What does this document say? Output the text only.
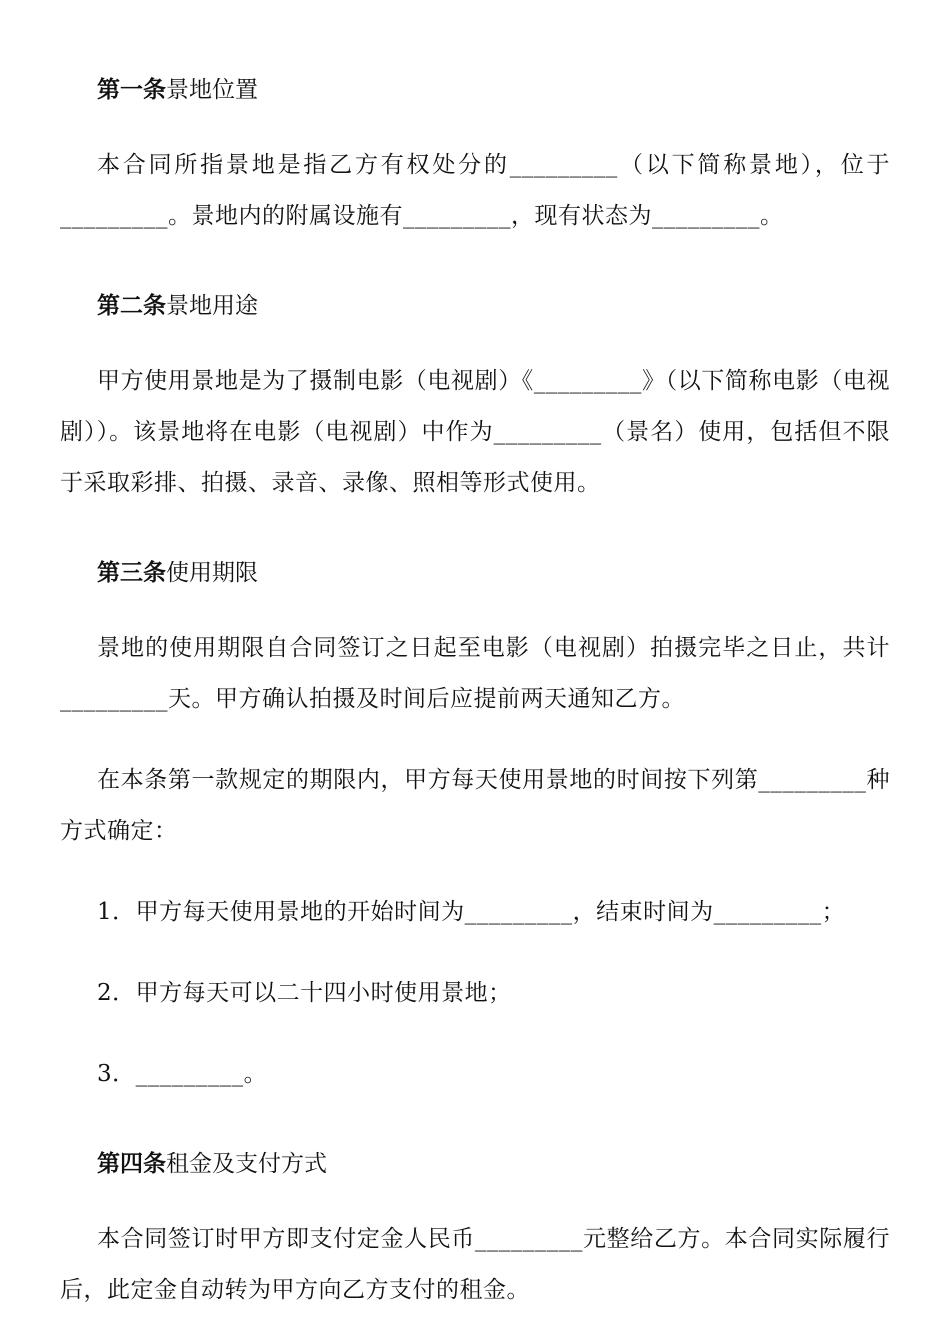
第一条景地位置

本合同所指景地是指乙方有权处分的_________（以下简称景地），位于_________。景地内的附属设施有_________，现有状态为_________。

第二条景地用途

甲方使用景地是为了摄制电影（电视剧）《_________》（以下简称电影（电视剧））。该景地将在电影（电视剧）中作为_________（景名）使用，包括但不限于采取彩排、拍摄、录音、录像、照相等形式使用。

第三条使用期限

景地的使用期限自合同签订之日起至电影（电视剧）拍摄完毕之日止，共计_________天。甲方确认拍摄及时间后应提前两天通知乙方。

在本条第一款规定的期限内，甲方每天使用景地的时间按下列第_________种方式确定：

1．甲方每天使用景地的开始时间为_________，结束时间为_________；

2．甲方每天可以二十四小时使用景地；

3．_________。

第四条租金及支付方式

本合同签订时甲方即支付定金人民币_________元整给乙方。本合同实际履行后，此定金自动转为甲方向乙方支付的租金。
